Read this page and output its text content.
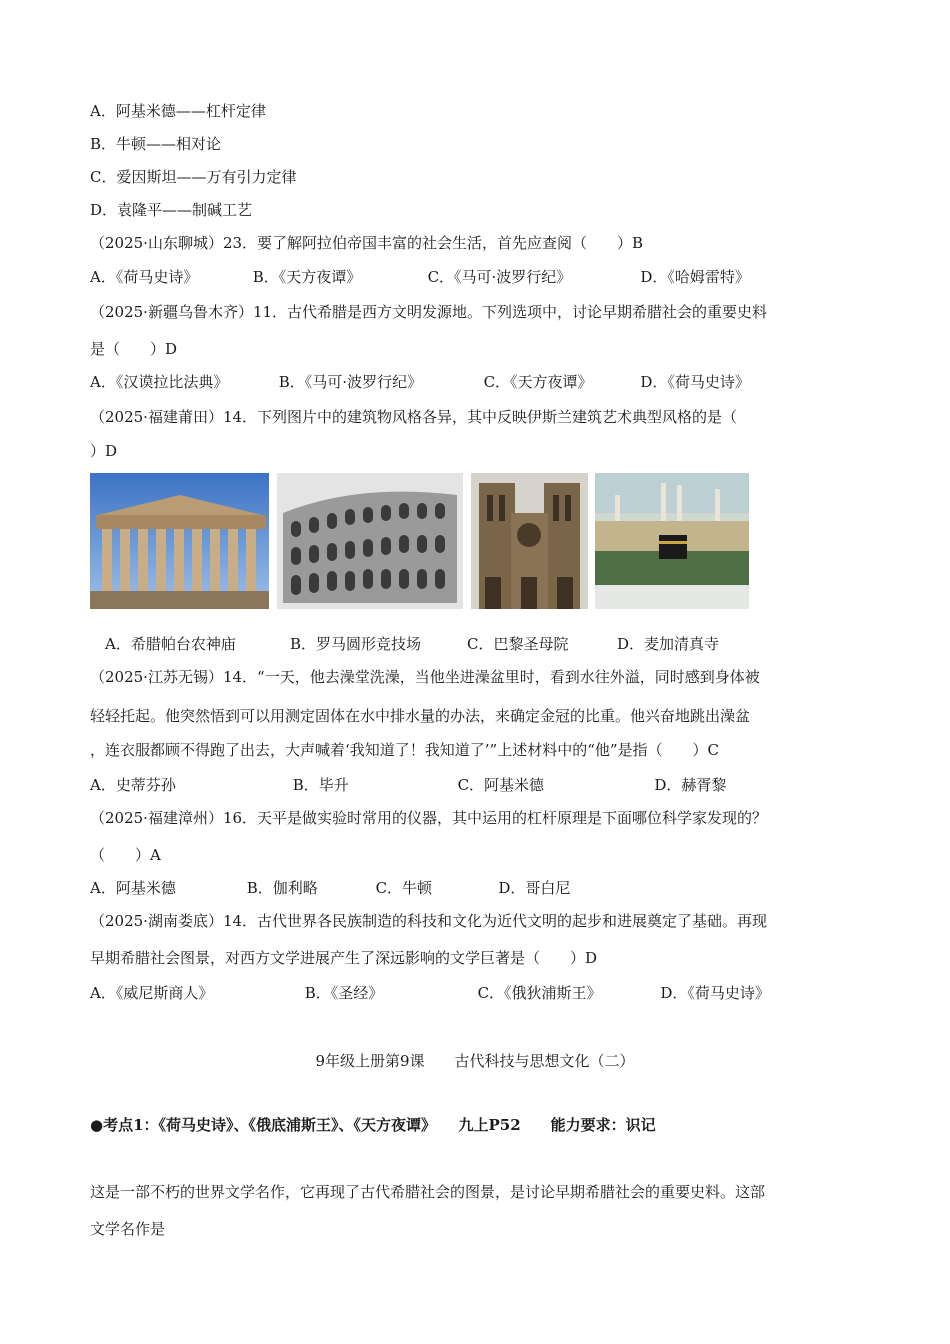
A．阿基米德——杠杆定律
B．牛顿——相对论
C．爱因斯坦——万有引力定律
D．袁隆平——制碱工艺
（2025·山东聊城）23．要了解阿拉伯帝国丰富的社会生活，首先应查阅（　　）B
A．《荷马史诗》	B．《天方夜谭》	C．《马可·波罗行纪》	D．《哈姆雷特》
（2025·新疆乌鲁木齐）11．古代希腊是西方文明发源地。下列选项中，讨论早期希腊社会的重要史料
是（　　）D
A．《汉谟拉比法典》	B．《马可·波罗行纪》	C．《天方夜谭》	D．《荷马史诗》
（2025·福建莆田）14．下列图片中的建筑物风格各异，其中反映伊斯兰建筑艺术典型风格的是（
）D
A．希腊帕台农神庙	B．罗马圆形竞技场	C．巴黎圣母院	D．麦加清真寺
（2025·江苏无锡）14．“一天，他去澡堂洗澡，当他坐进澡盆里时，看到水往外溢，同时感到身体被
轻轻托起。他突然悟到可以用测定固体在水中排水量的办法，来确定金冠的比重。他兴奋地跳出澡盆
，连衣服都顾不得跑了出去，大声喊着‘我知道了！我知道了’”上述材料中的“他”是指（　　）C
A．史蒂芬孙	B．毕升	C．阿基米德	D．赫胥黎
（2025·福建漳州）16．天平是做实验时常用的仪器，其中运用的杠杆原理是下面哪位科学家发现的？
（　　）A
A．阿基米德	B．伽利略	C．牛顿	D．哥白尼
（2025·湖南娄底）14．古代世界各民族制造的科技和文化为近代文明的起步和进展奠定了基础。再现
早期希腊社会图景，对西方文学进展产生了深远影响的文学巨著是（　　）D
A．《威尼斯商人》	B．《圣经》	C．《俄狄浦斯王》	D．《荷马史诗》
9年级上册第9课　　古代科技与思想文化（二）
●考点1：《荷马史诗》、《俄底浦斯王》、《天方夜谭》　　九上P52　　能力要求：识记
这是一部不朽的世界文学名作，它再现了古代希腊社会的图景，是讨论早期希腊社会的重要史料。这部
文学名作是
